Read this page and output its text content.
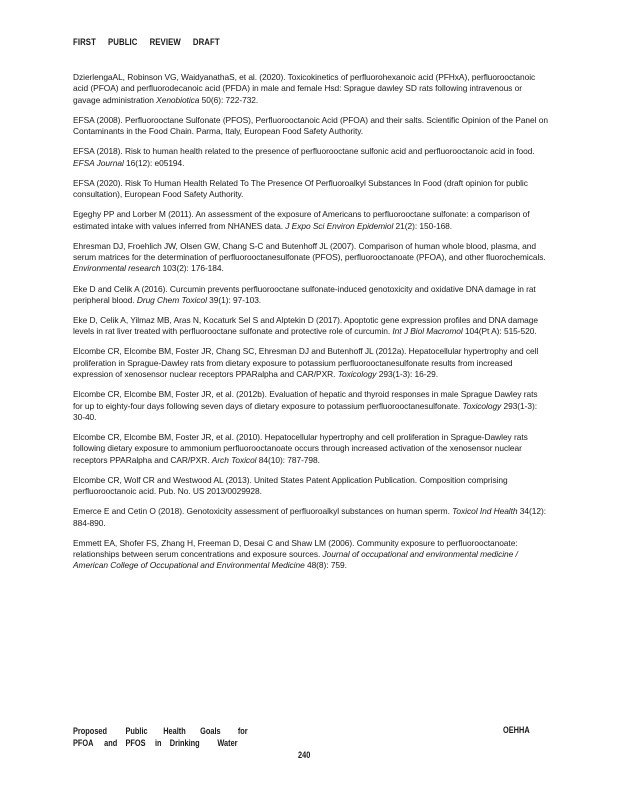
FIRST PUBLIC REVIEW DRAFT

DzierlengaAL, Robinson VG, WaidyanathaS, et al. (2020). Toxicokinetics of perfluorohexanoic acid (PFHxA), perfluorooctanoic acid (PFOA) and perfluorodecanoic acid (PFDA) in male and female Hsd: Sprague dawley SD rats following intravenous or gavage administration Xenobiotica 50(6): 722-732.

EFSA (2008). Perfluorooctane Sulfonate (PFOS), Perfluorooctanoic Acid (PFOA) and their salts. Scientific Opinion of the Panel on Contaminants in the Food Chain. Parma, Italy, European Food Safety Authority.

EFSA (2018). Risk to human health related to the presence of perfluorooctane sulfonic acid and perfluorooctanoic acid in food. EFSA Journal 16(12): e05194.

EFSA (2020). Risk To Human Health Related To The Presence Of Perfluoroalkyl Substances In Food (draft opinion for public consultation), European Food Safety Authority.

Egeghy PP and Lorber M (2011). An assessment of the exposure of Americans to perfluorooctane sulfonate: a comparison of estimated intake with values inferred from NHANES data. J Expo Sci Environ Epidemiol 21(2): 150-168.

Ehresman DJ, Froehlich JW, Olsen GW, Chang S-C and Butenhoff JL (2007). Comparison of human whole blood, plasma, and serum matrices for the determination of perfluorooctanesulfonate (PFOS), perfluorooctanoate (PFOA), and other fluorochemicals. Environmental research 103(2): 176-184.

Eke D and Celik A (2016). Curcumin prevents perfluorooctane sulfonate-induced genotoxicity and oxidative DNA damage in rat peripheral blood. Drug Chem Toxicol 39(1): 97-103.

Eke D, Celik A, Yilmaz MB, Aras N, Kocaturk Sel S and Alptekin D (2017). Apoptotic gene expression profiles and DNA damage levels in rat liver treated with perfluorooctane sulfonate and protective role of curcumin. Int J Biol Macromol 104(Pt A): 515-520.

Elcombe CR, Elcombe BM, Foster JR, Chang SC, Ehresman DJ and Butenhoff JL (2012a). Hepatocellular hypertrophy and cell proliferation in Sprague-Dawley rats from dietary exposure to potassium perfluorooctanesulfonate results from increased expression of xenosensor nuclear receptors PPARalpha and CAR/PXR. Toxicology 293(1-3): 16-29.

Elcombe CR, Elcombe BM, Foster JR, et al. (2012b). Evaluation of hepatic and thyroid responses in male Sprague Dawley rats for up to eighty-four days following seven days of dietary exposure to potassium perfluorooctanesulfonate. Toxicology 293(1-3): 30-40.

Elcombe CR, Elcombe BM, Foster JR, et al. (2010). Hepatocellular hypertrophy and cell proliferation in Sprague-Dawley rats following dietary exposure to ammonium perfluorooctanoate occurs through increased activation of the xenosensor nuclear receptors PPARalpha and CAR/PXR. Arch Toxicol 84(10): 787-798.

Elcombe CR, Wolf CR and Westwood AL (2013). United States Patent Application Publication. Composition comprising perfluorooctanoic acid. Pub. No. US 2013/0029928.

Emerce E and Cetin O (2018). Genotoxicity assessment of perfluoroalkyl substances on human sperm. Toxicol Ind Health 34(12): 884-890.

Emmett EA, Shofer FS, Zhang H, Freeman D, Desai C and Shaw LM (2006). Community exposure to perfluorooctanoate: relationships between serum concentrations and exposure sources. Journal of occupational and environmental medicine / American College of Occupational and Environmental Medicine 48(8): 759.

Proposed	Public	Health	Goals	for
PFOA	and PFOS	in Drinking	Water
OEHHA
240
